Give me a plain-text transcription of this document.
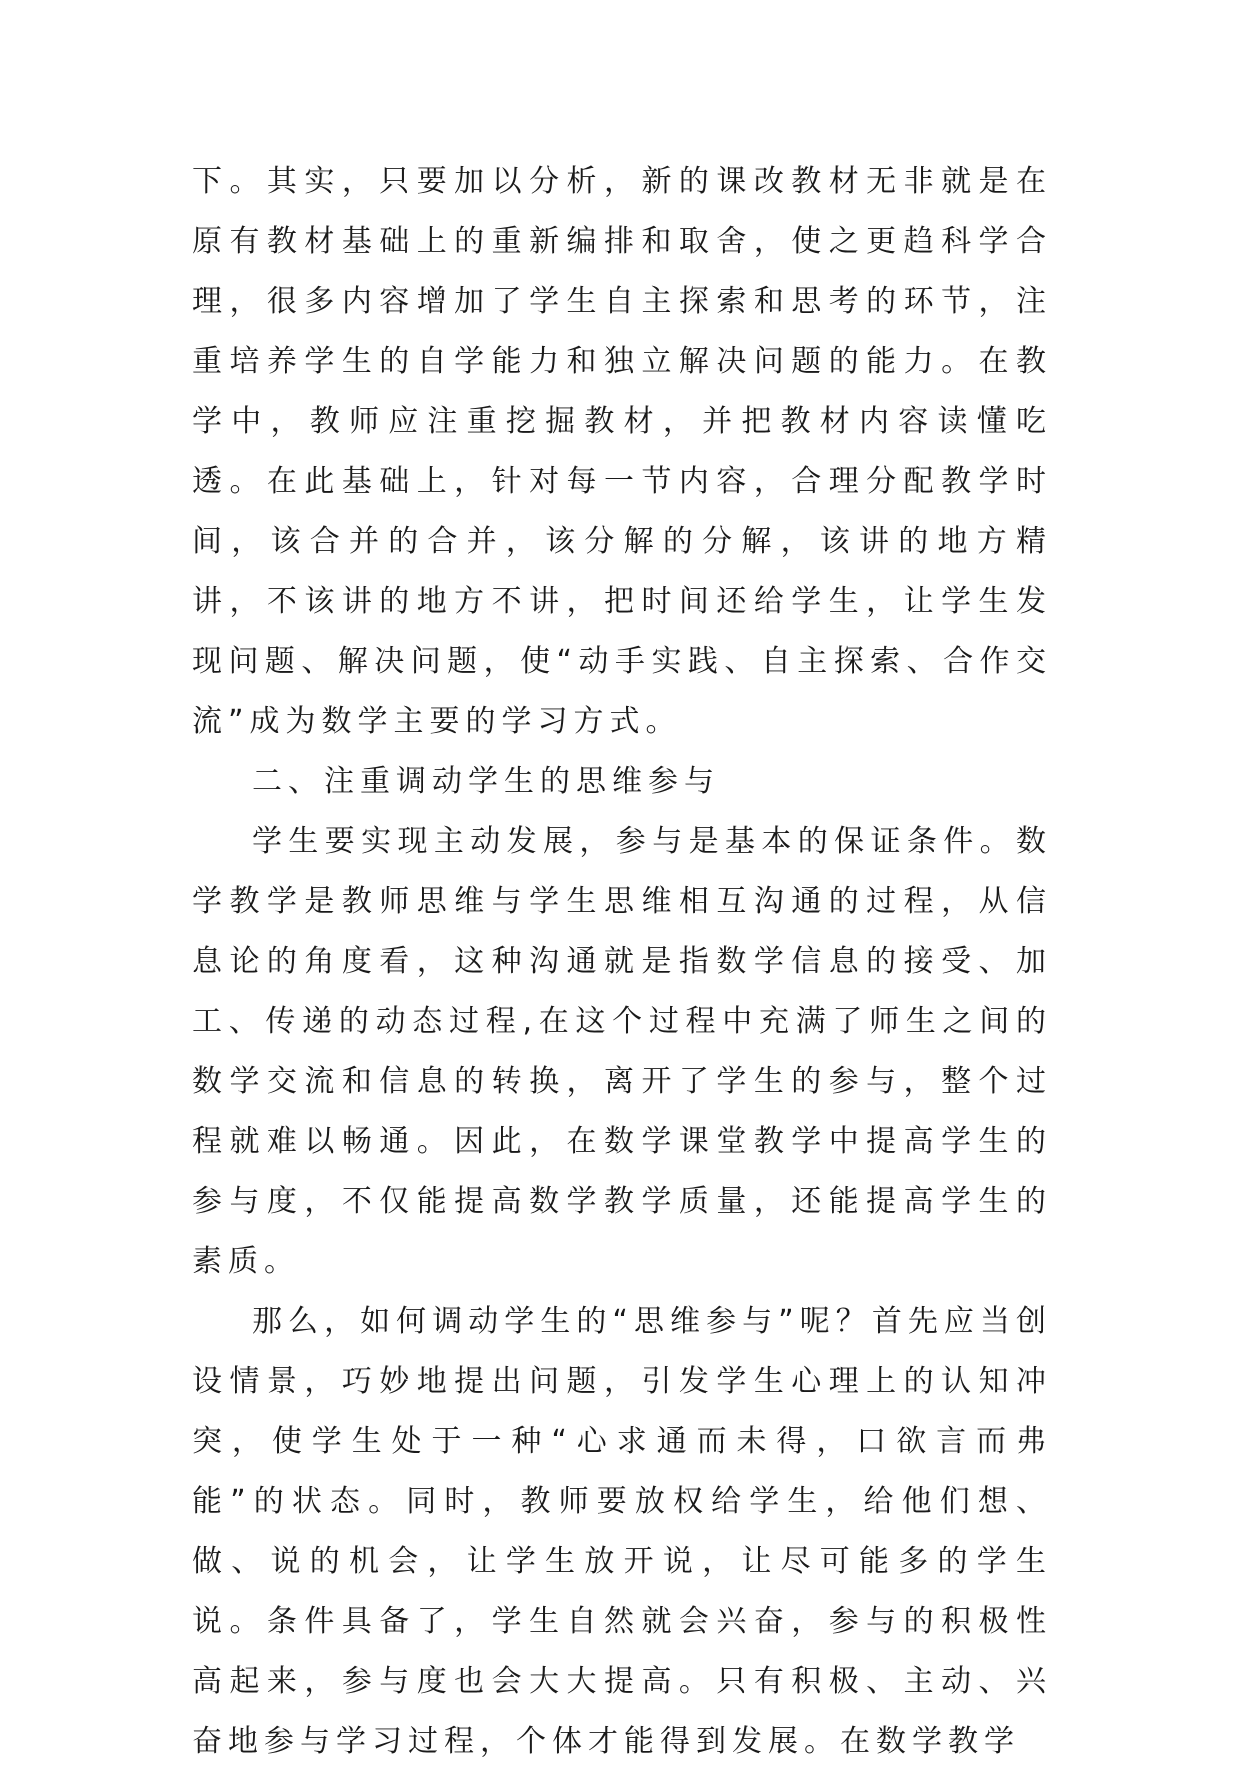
下。其实，只要加以分析，新的课改教材无非就是在原有教材基础上的重新编排和取舍，使之更趋科学合理，很多内容增加了学生自主探索和思考的环节，注重培养学生的自学能力和独立解决问题的能力。在教学中，教师应注重挖掘教材，并把教材内容读懂吃透。在此基础上，针对每一节内容，合理分配教学时间，该合并的合并，该分解的分解，该讲的地方精讲，不该讲的地方不讲，把时间还给学生，让学生发现问题、解决问题，使“动手实践、自主探索、合作交流”成为数学主要的学习方式。

二、注重调动学生的思维参与

学生要实现主动发展，参与是基本的保证条件。数学教学是教师思维与学生思维相互沟通的过程，从信息论的角度看，这种沟通就是指数学信息的接受、加工、传递的动态过程,在这个过程中充满了师生之间的数学交流和信息的转换，离开了学生的参与，整个过程就难以畅通。因此，在数学课堂教学中提高学生的参与度，不仅能提高数学教学质量，还能提高学生的素质。

那么，如何调动学生的“思维参与”呢？首先应当创设情景，巧妙地提出问题，引发学生心理上的认知冲突，使学生处于一种“心求通而未得，口欲言而弗能”的状态。同时，教师要放权给学生，给他们想、做、说的机会，让学生放开说，让尽可能多的学生说。条件具备了，学生自然就会兴奋，参与的积极性高起来，参与度也会大大提高。只有积极、主动、兴奋地参与学习过程，个体才能得到发展。在数学教学
